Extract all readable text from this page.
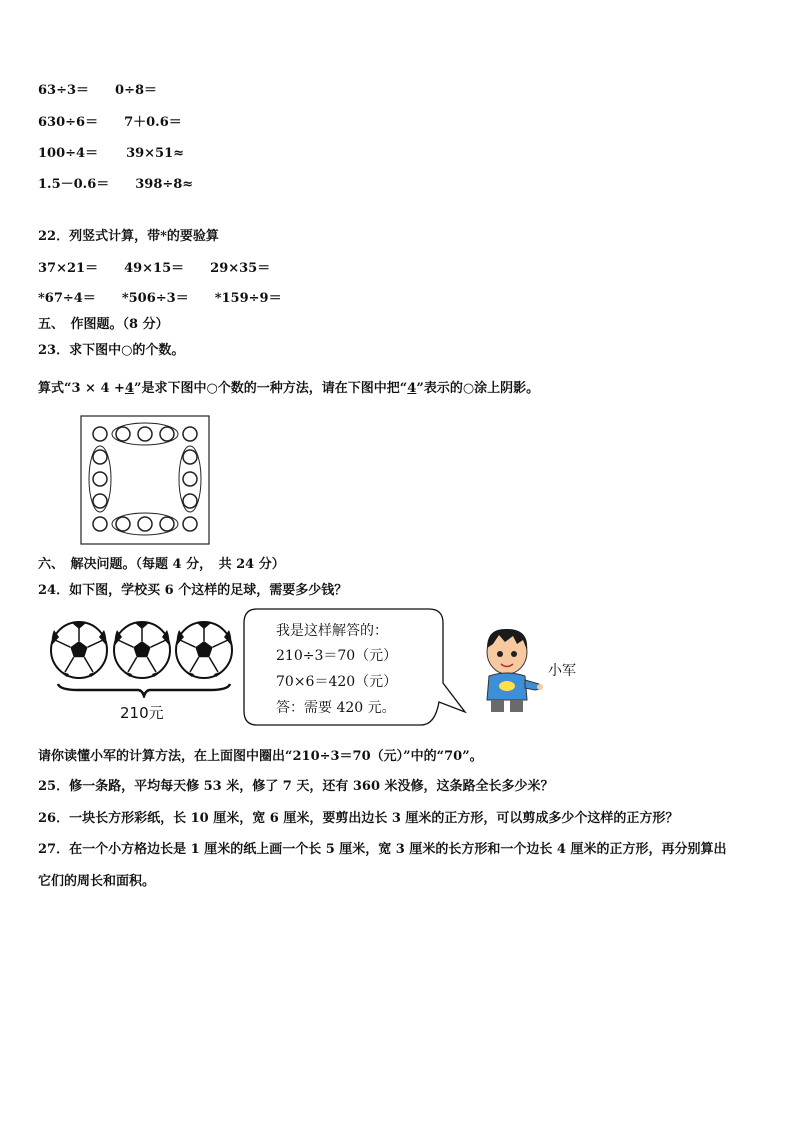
63÷3＝ 0÷8＝
630÷6＝ 7＋0.6＝
100÷4＝ 39×51≈
1.5－0.6＝ 398÷8≈
22．列竖式计算，带*的要验算
37×21＝ 49×15＝ 29×35＝
*67÷4＝ *506÷3＝ *159÷9＝
五、　作图题。（8 分）
23．求下图中○的个数。
算式“3 × 4 +4”是求下图中○个数的一种方法，请在下图中把“4”表示的○涂上阴影。
六、　解决问题。（每题 4 分，　共 24 分）
24．如下图，学校买 6 个这样的足球，需要多少钱？
210元
我是这样解答的：
210÷3＝70（元）
70×6＝420（元）
答：需要 420 元。
小军
请你读懂小军的计算方法，在上面图中圈出“210÷3＝70（元）”中的“70”。
25．修一条路，平均每天修 53 米，修了 7 天，还有 360 米没修，这条路全长多少米？
26．一块长方形彩纸，长 10 厘米，宽 6 厘米，要剪出边长 3 厘米的正方形，可以剪成多少个这样的正方形？
27．在一个小方格边长是 1 厘米的纸上画一个长 5 厘米，宽 3 厘米的长方形和一个边长 4 厘米的正方形，再分别算出
它们的周长和面积。
